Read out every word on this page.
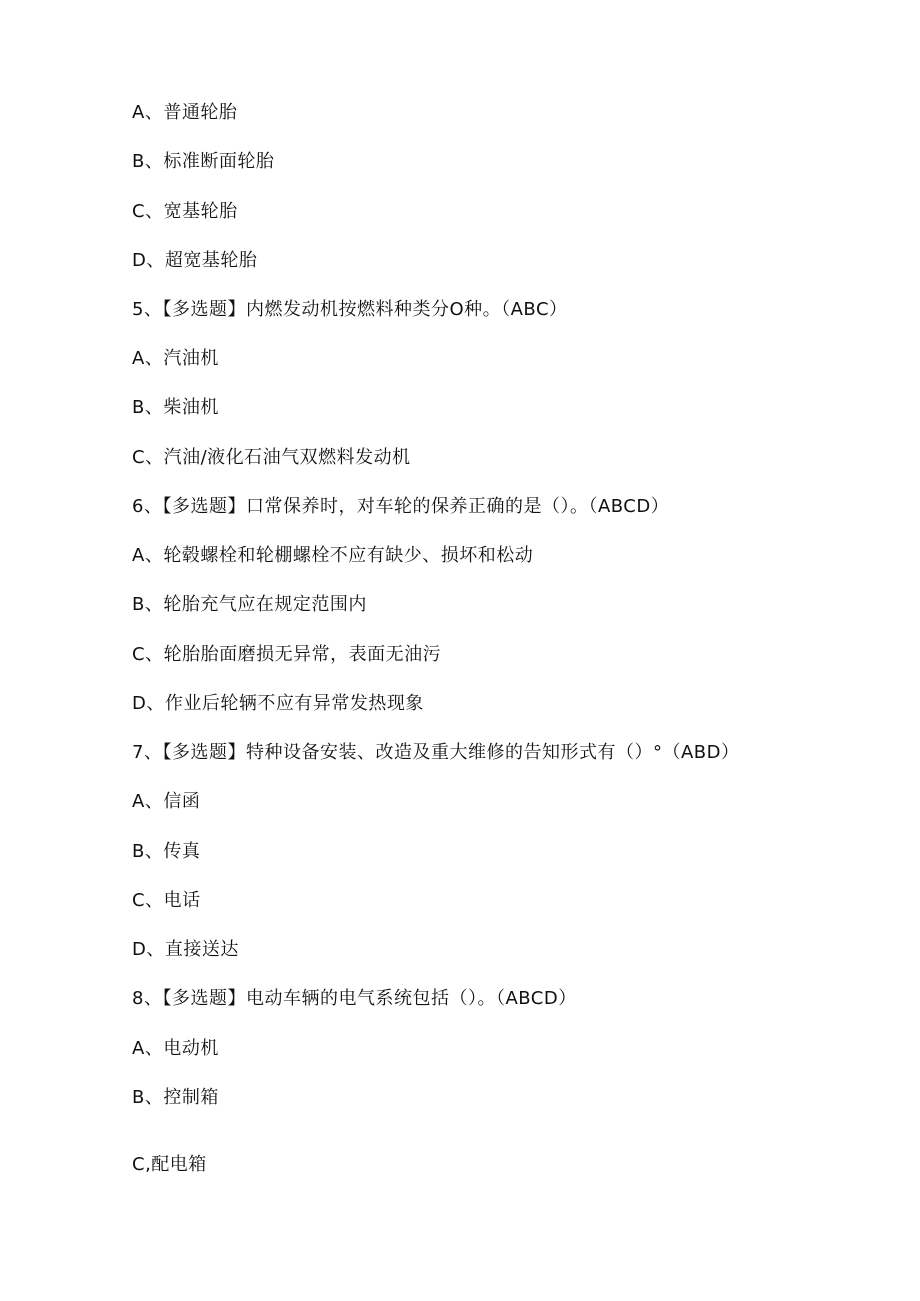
A、普通轮胎
B、标准断面轮胎
C、宽基轮胎
D、超宽基轮胎
5、【多选题】内燃发动机按燃料种类分O种。（ABC）
A、汽油机
B、柴油机
C、汽油/液化石油气双燃料发动机
6、【多选题】口常保养时，对车轮的保养正确的是（）。（ABCD）
A、轮毂螺栓和轮棚螺栓不应有缺少、损坏和松动
B、轮胎充气应在规定范围内
C、轮胎胎面磨损无异常，表面无油污
D、作业后轮辆不应有异常发热现象
7、【多选题】特种设备安装、改造及重大维修的告知形式有（）°（ABD）
A、信函
B、传真
C、电话
D、直接送达
8、【多选题】电动车辆的电气系统包括（）。（ABCD）
A、电动机
B、控制箱
C,配电箱
